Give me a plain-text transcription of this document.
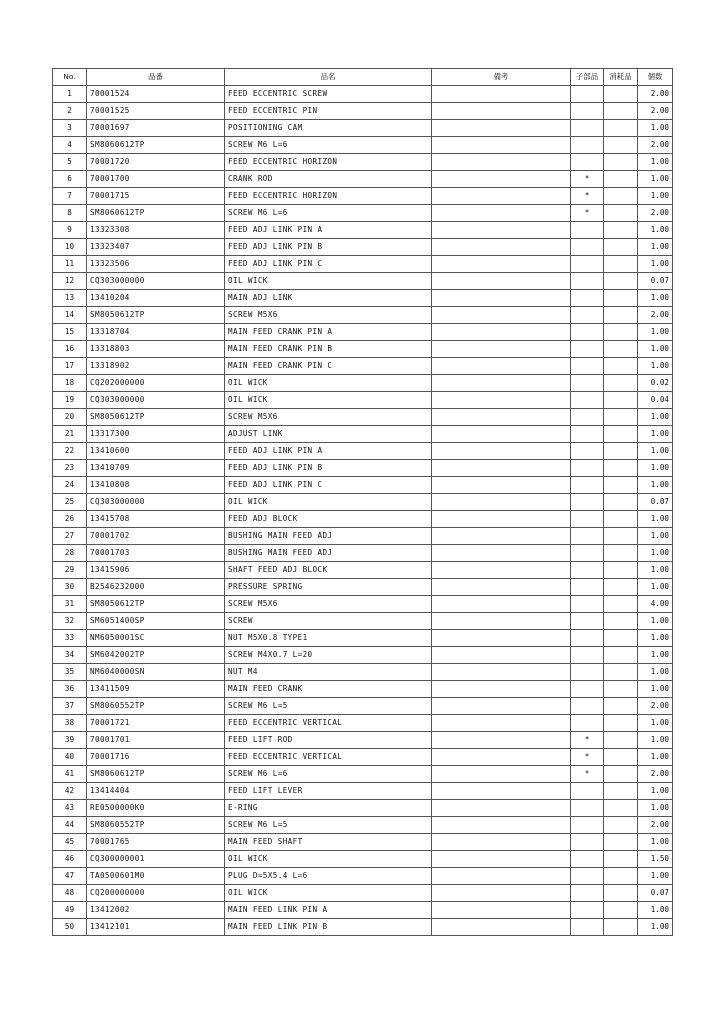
No.	品番	品名	備考	子部品	消耗品	個数
1	70001524	FEED ECCENTRIC SCREW				2.00
2	70001525	FEED ECCENTRIC PIN				2.00
3	70001697	POSITIONING CAM				1.00
4	SM8060612TP	SCREW M6 L=6				2.00
5	70001720	FEED ECCENTRIC HORIZON				1.00
6	70001700	CRANK ROD		*		1.00
7	70001715	FEED ECCENTRIC HORIZON		*		1.00
8	SM8060612TP	SCREW M6 L=6		*		2.00
9	13323308	FEED ADJ LINK PIN A				1.00
10	13323407	FEED ADJ LINK PIN B				1.00
11	13323506	FEED ADJ LINK PIN C				1.00
12	CQ303000000	OIL WICK				0.07
13	13410204	MAIN ADJ LINK				1.00
14	SM8050612TP	SCREW M5X6				2.00
15	13318704	MAIN FEED CRANK PIN A				1.00
16	13318803	MAIN FEED CRANK PIN B				1.00
17	13318902	MAIN FEED CRANK PIN C				1.00
18	CQ202000000	OIL WICK				0.02
19	CQ303000000	OIL WICK				0.04
20	SM8050612TP	SCREW M5X6				1.00
21	13317300	ADJUST LINK				1.00
22	13410600	FEED ADJ LINK PIN A				1.00
23	13410709	FEED ADJ LINK PIN B				1.00
24	13410808	FEED ADJ LINK PIN C				1.00
25	CQ303000000	OIL WICK				0.07
26	13415708	FEED ADJ BLOCK				1.00
27	70001702	BUSHING MAIN FEED ADJ				1.00
28	70001703	BUSHING MAIN FEED ADJ				1.00
29	13415906	SHAFT FEED ADJ BLOCK				1.00
30	B2546232000	PRESSURE SPRING				1.00
31	SM8050612TP	SCREW M5X6				4.00
32	SM6051400SP	SCREW				1.00
33	NM6050001SC	NUT M5X0.8 TYPE1				1.00
34	SM6042002TP	SCREW M4X0.7 L=20				1.00
35	NM6040000SN	NUT M4				1.00
36	13411509	MAIN FEED CRANK				1.00
37	SM8060552TP	SCREW M6 L=5				2.00
38	70001721	FEED ECCENTRIC VERTICAL				1.00
39	70001701	FEED LIFT ROD		*		1.00
40	70001716	FEED ECCENTRIC VERTICAL		*		1.00
41	SM8060612TP	SCREW M6 L=6		*		2.00
42	13414404	FEED LIFT LEVER				1.00
43	RE0500000K0	E-RING				1.00
44	SM8060552TP	SCREW M6 L=5				2.00
45	70001765	MAIN FEED SHAFT				1.00
46	CQ300000001	OIL WICK				1.50
47	TA0500601M0	PLUG D=5X5.4 L=6				1.00
48	CQ200000000	OIL WICK				0.07
49	13412002	MAIN FEED LINK PIN A				1.00
50	13412101	MAIN FEED LINK PIN B				1.00
